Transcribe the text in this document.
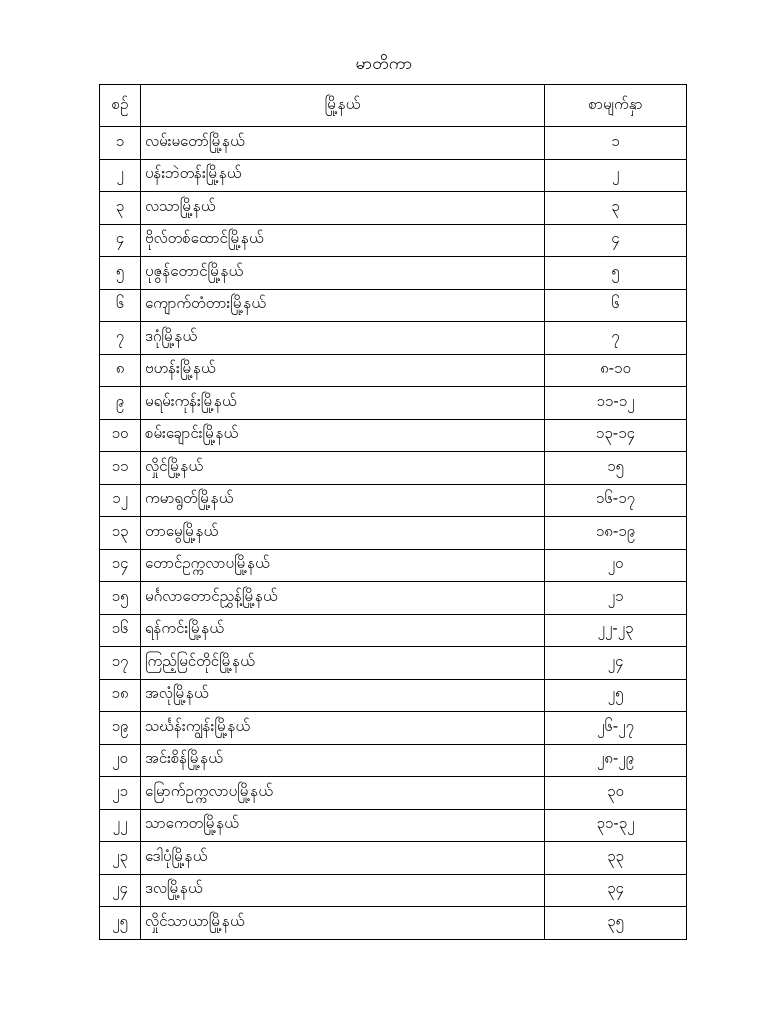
မာတိကာ
စဉ်	မြို့နယ်	စာမျက်နှာ
၁	လမ်းမတော်မြို့နယ်	၁
၂	ပန်းဘဲတန်းမြို့နယ်	၂
၃	လသာမြို့နယ်	၃
၄	ဗိုလ်တစ်ထောင်မြို့နယ်	၄
၅	ပုဇွန်တောင်မြို့နယ်	၅
၆	ကျောက်တံတားမြို့နယ်	၆
၇	ဒဂုံမြို့နယ်	၇
၈	ဗဟန်းမြို့နယ်	၈-၁၀
၉	မရမ်းကုန်းမြို့နယ်	၁၁-၁၂
၁၀	စမ်းချောင်းမြို့နယ်	၁၃-၁၄
၁၁	လှိုင်မြို့နယ်	၁၅
၁၂	ကမာရွတ်မြို့နယ်	၁၆-၁၇
၁၃	တာမွေမြို့နယ်	၁၈-၁၉
၁၄	တောင်ဥက္ကလာပမြို့နယ်	၂၀
၁၅	မင်္ဂလာတောင်ညွှန့်မြို့နယ်	၂၁
၁၆	ရန်ကင်းမြို့နယ်	၂၂-၂၃
၁၇	ကြည့်မြင်တိုင်မြို့နယ်	၂၄
၁၈	အလုံမြို့နယ်	၂၅
၁၉	သင်္ဃန်းကျွန်းမြို့နယ်	၂၆-၂၇
၂၀	အင်းစိန်မြို့နယ်	၂၈-၂၉
၂၁	မြောက်ဥက္ကလာပမြို့နယ်	၃၀
၂၂	သာကေတမြို့နယ်	၃၁-၃၂
၂၃	ဒေါပုံမြို့နယ်	၃၃
၂၄	ဒလမြို့နယ်	၃၄
၂၅	လှိုင်သာယာမြို့နယ်	၃၅
